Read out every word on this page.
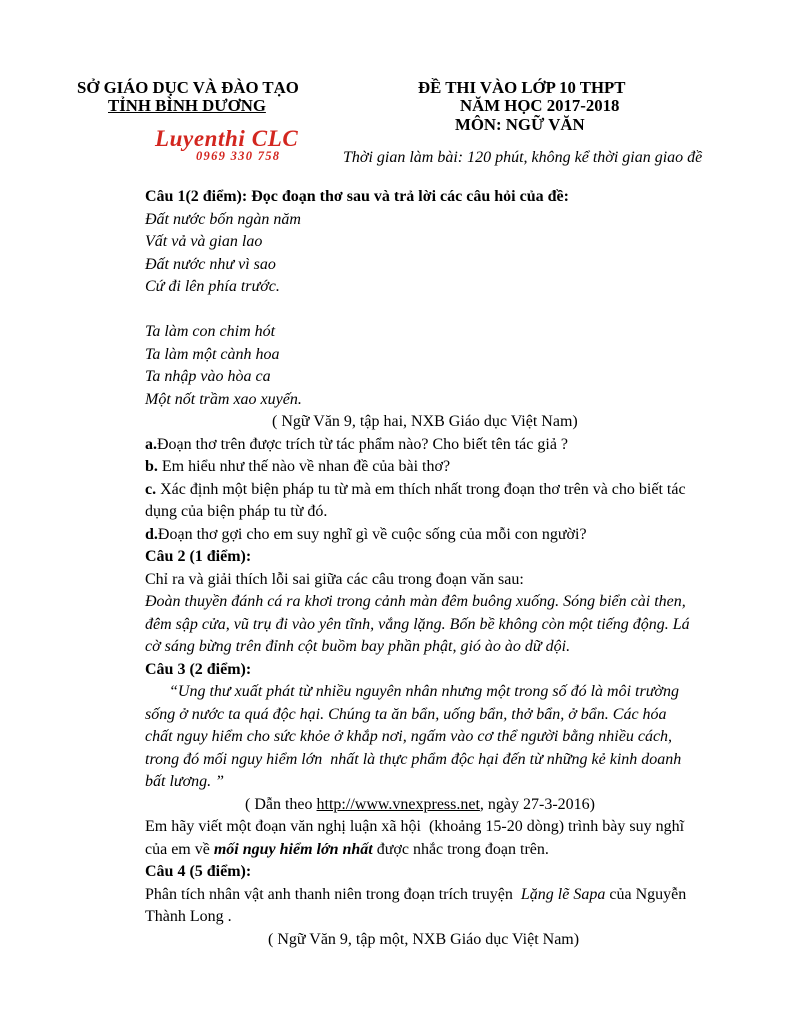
SỞ GIÁO DỤC VÀ ĐÀO TẠO
TỈNH BÌNH DƯƠNG
ĐỀ THI VÀO LỚP 10 THPT
NĂM HỌC 2017-2018
MÔN: NGỮ VĂN
Luyenthi CLC
0969 330 758	Thời gian làm bài: 120 phút, không kể thời gian giao đề
Câu 1(2 điểm): Đọc đoạn thơ sau và trả lời các câu hỏi của đề:
Đất nước bốn ngàn năm
Vất vả và gian lao
Đất nước như vì sao
Cứ đi lên phía trước.
Ta làm con chim hót
Ta làm một cành hoa
Ta nhập vào hòa ca
Một nốt trầm xao xuyến.
( Ngữ Văn 9, tập hai, NXB Giáo dục Việt Nam)
a.Đoạn thơ trên được trích từ tác phẩm nào? Cho biết tên tác giả ?
b. Em hiểu như thế nào về nhan đề của bài thơ?
c. Xác định một biện pháp tu từ mà em thích nhất trong đoạn thơ trên và cho biết tác
dụng của biện pháp tu từ đó.
d.Đoạn thơ gợi cho em suy nghĩ gì về cuộc sống của mỗi con người?
Câu 2 (1 điểm):
Chỉ ra và giải thích lỗi sai giữa các câu trong đoạn văn sau:
Đoàn thuyền đánh cá ra khơi trong cảnh màn đêm buông xuống. Sóng biển cài then,
đêm sập cửa, vũ trụ đi vào yên tĩnh, vắng lặng. Bốn bề không còn một tiếng động. Lá
cờ sáng bừng trên đỉnh cột buồm bay phần phật, gió ào ào dữ dội.
Câu 3 (2 điểm):
“Ung thư xuất phát từ nhiều nguyên nhân nhưng một trong số đó là môi trường
sống ở nước ta quá độc hại. Chúng ta ăn bẩn, uống bẩn, thở bẩn, ở bẩn. Các hóa
chất nguy hiểm cho sức khỏe ở khắp nơi, ngấm vào cơ thể người bằng nhiều cách,
trong đó mối nguy hiểm lớn  nhất là thực phẩm độc hại đến từ những kẻ kinh doanh
bất lương. ”
( Dẫn theo http://www.vnexpress.net, ngày 27-3-2016)
Em hãy viết một đoạn văn nghị luận xã hội  (khoảng 15-20 dòng) trình bày suy nghĩ
của em về mối nguy hiểm lớn nhất được nhắc trong đoạn trên.
Câu 4 (5 điểm):
Phân tích nhân vật anh thanh niên trong đoạn trích truyện  Lặng lẽ Sapa của Nguyễn
Thành Long .
( Ngữ Văn 9, tập một, NXB Giáo dục Việt Nam)
